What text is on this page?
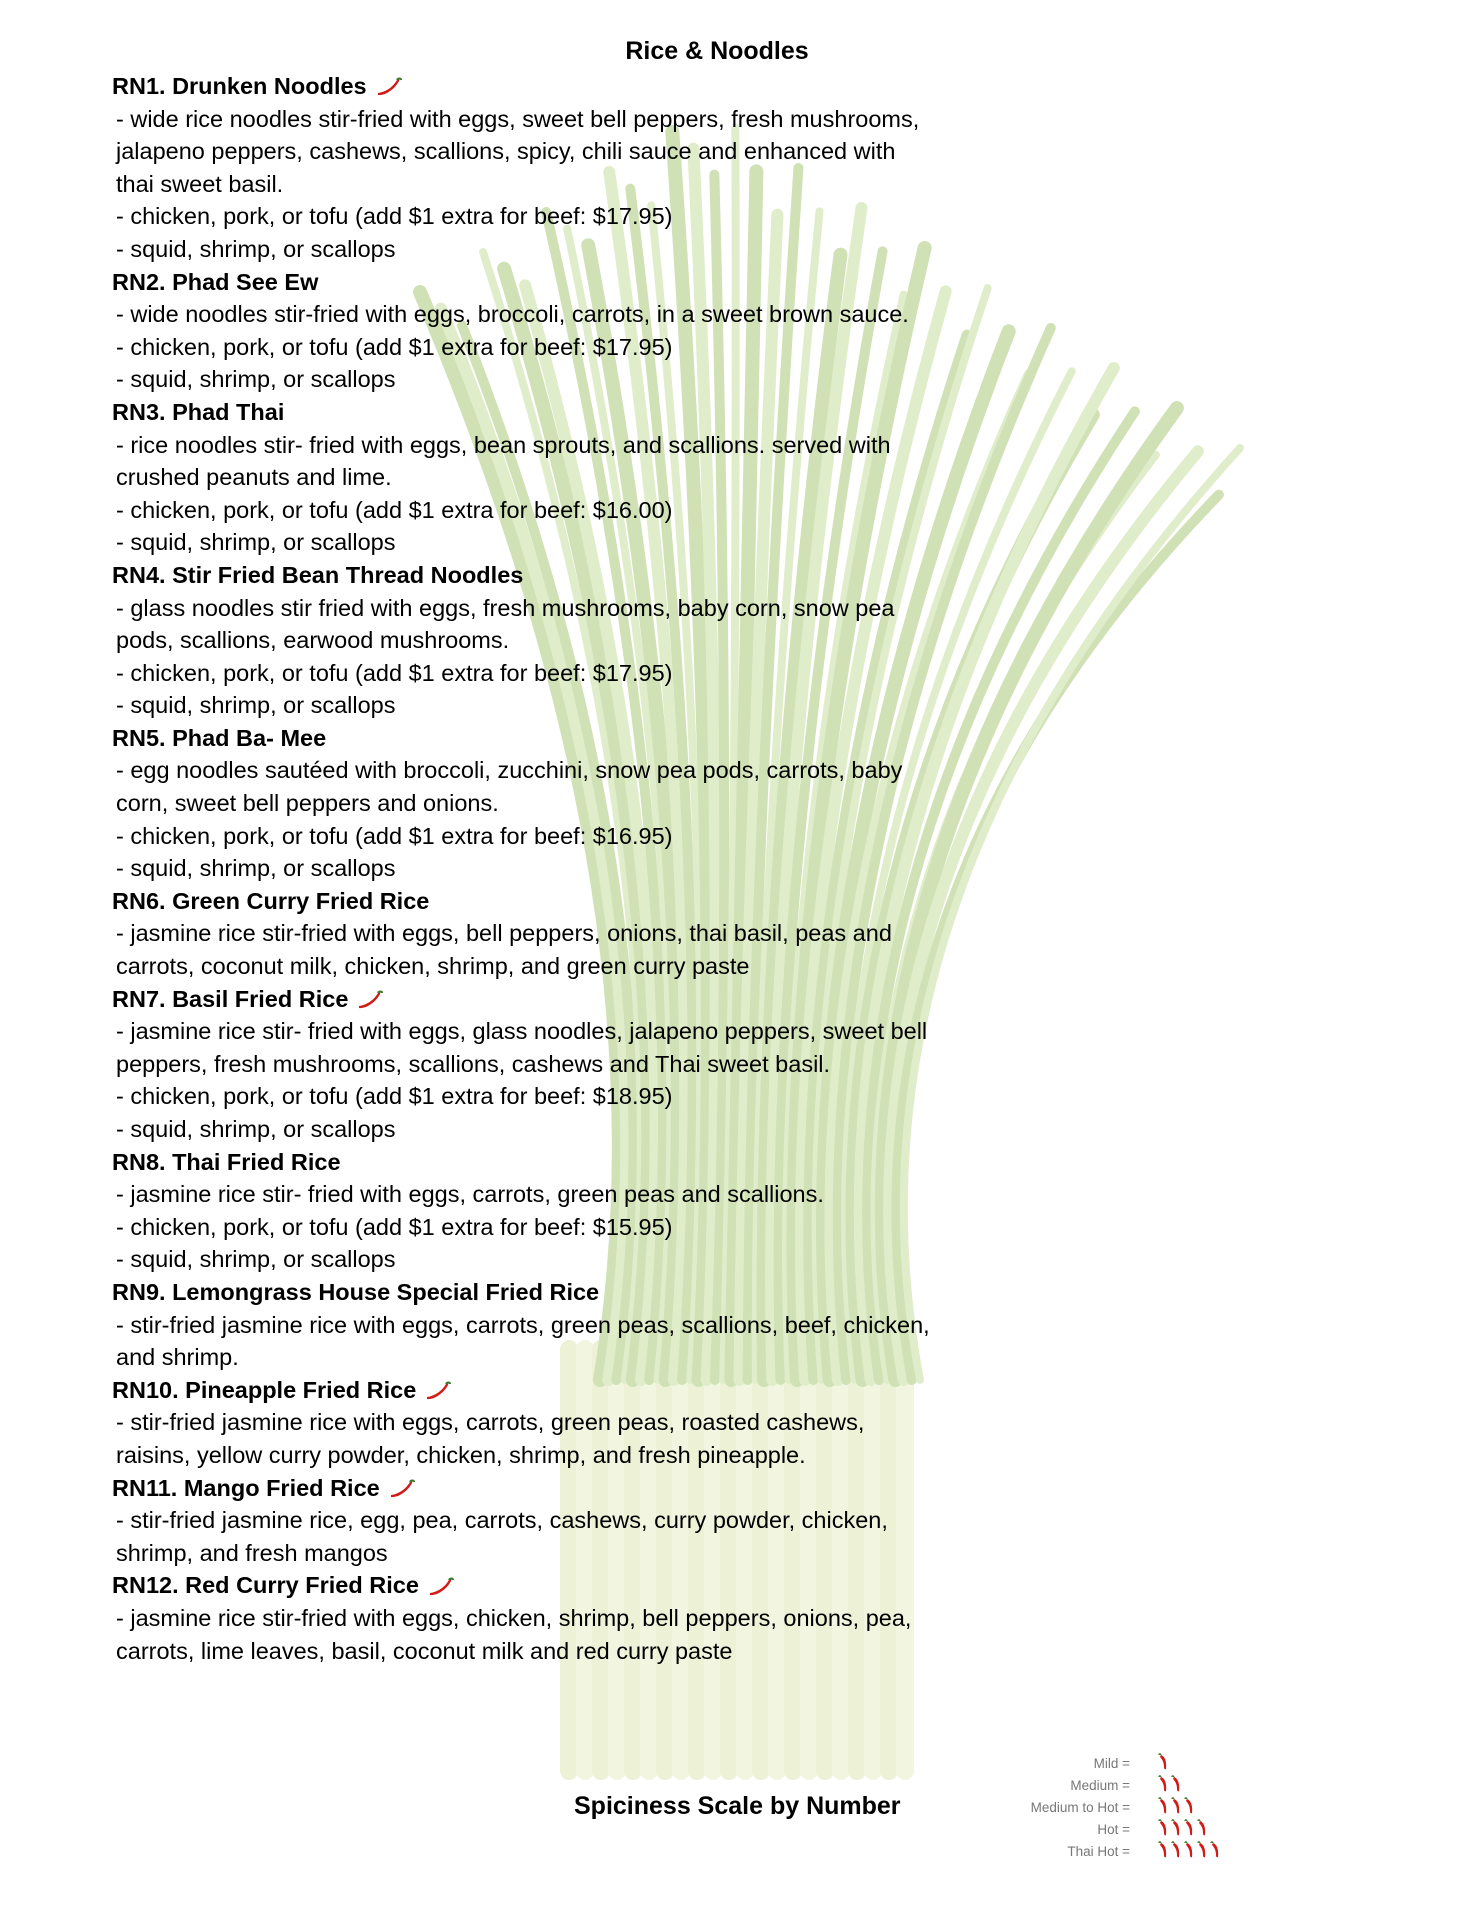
Rice & Noodles
RN1. Drunken Noodles
- wide rice noodles stir-fried with eggs, sweet bell peppers, fresh mushrooms, jalapeno peppers, cashews, scallions, spicy, chili sauce and enhanced with thai sweet basil.
- chicken, pork, or tofu (add $1 extra for beef: $17.95)
- squid, shrimp, or scallops
RN2. Phad See Ew
- wide noodles stir-fried with eggs, broccoli, carrots, in a sweet brown sauce.
- chicken, pork, or tofu (add $1 extra for beef: $17.95)
- squid, shrimp, or scallops
RN3. Phad Thai
- rice noodles stir- fried with eggs, bean sprouts, and scallions. served with crushed peanuts and lime.
- chicken, pork, or tofu (add $1 extra for beef: $16.00)
- squid, shrimp, or scallops
RN4. Stir Fried Bean Thread Noodles
- glass noodles stir fried with eggs, fresh mushrooms, baby corn, snow pea pods, scallions, earwood mushrooms.
- chicken, pork, or tofu (add $1 extra for beef: $17.95)
- squid, shrimp, or scallops
RN5. Phad Ba- Mee
- egg noodles sautéed with broccoli, zucchini, snow pea pods, carrots, baby corn, sweet bell peppers and onions.
- chicken, pork, or tofu (add $1 extra for beef: $16.95)
- squid, shrimp, or scallops
RN6. Green Curry Fried Rice
- jasmine rice stir-fried with eggs, bell peppers, onions, thai basil, peas and carrots, coconut milk, chicken, shrimp, and green curry paste
RN7. Basil Fried Rice
- jasmine rice stir- fried with eggs, glass noodles, jalapeno peppers, sweet bell peppers, fresh mushrooms, scallions, cashews and Thai sweet basil.
- chicken, pork, or tofu (add $1 extra for beef: $18.95)
- squid, shrimp, or scallops
RN8. Thai Fried Rice
- jasmine rice stir- fried with eggs, carrots, green peas and scallions.
- chicken, pork, or tofu (add $1 extra for beef: $15.95)
- squid, shrimp, or scallops
RN9. Lemongrass House Special Fried Rice
- stir-fried jasmine rice with eggs, carrots, green peas, scallions, beef, chicken, and shrimp.
RN10. Pineapple Fried Rice
- stir-fried jasmine rice with eggs, carrots, green peas, roasted cashews, raisins, yellow curry powder, chicken, shrimp, and fresh pineapple.
RN11. Mango Fried Rice
- stir-fried jasmine rice, egg, pea, carrots, cashews, curry powder, chicken, shrimp, and fresh mangos
RN12. Red Curry Fried Rice
- jasmine rice stir-fried with eggs, chicken, shrimp, bell peppers, onions, pea, carrots, lime leaves, basil, coconut milk and red curry paste
Spiciness Scale by Number
Mild =
Medium =
Medium to Hot =
Hot =
Thai Hot =
